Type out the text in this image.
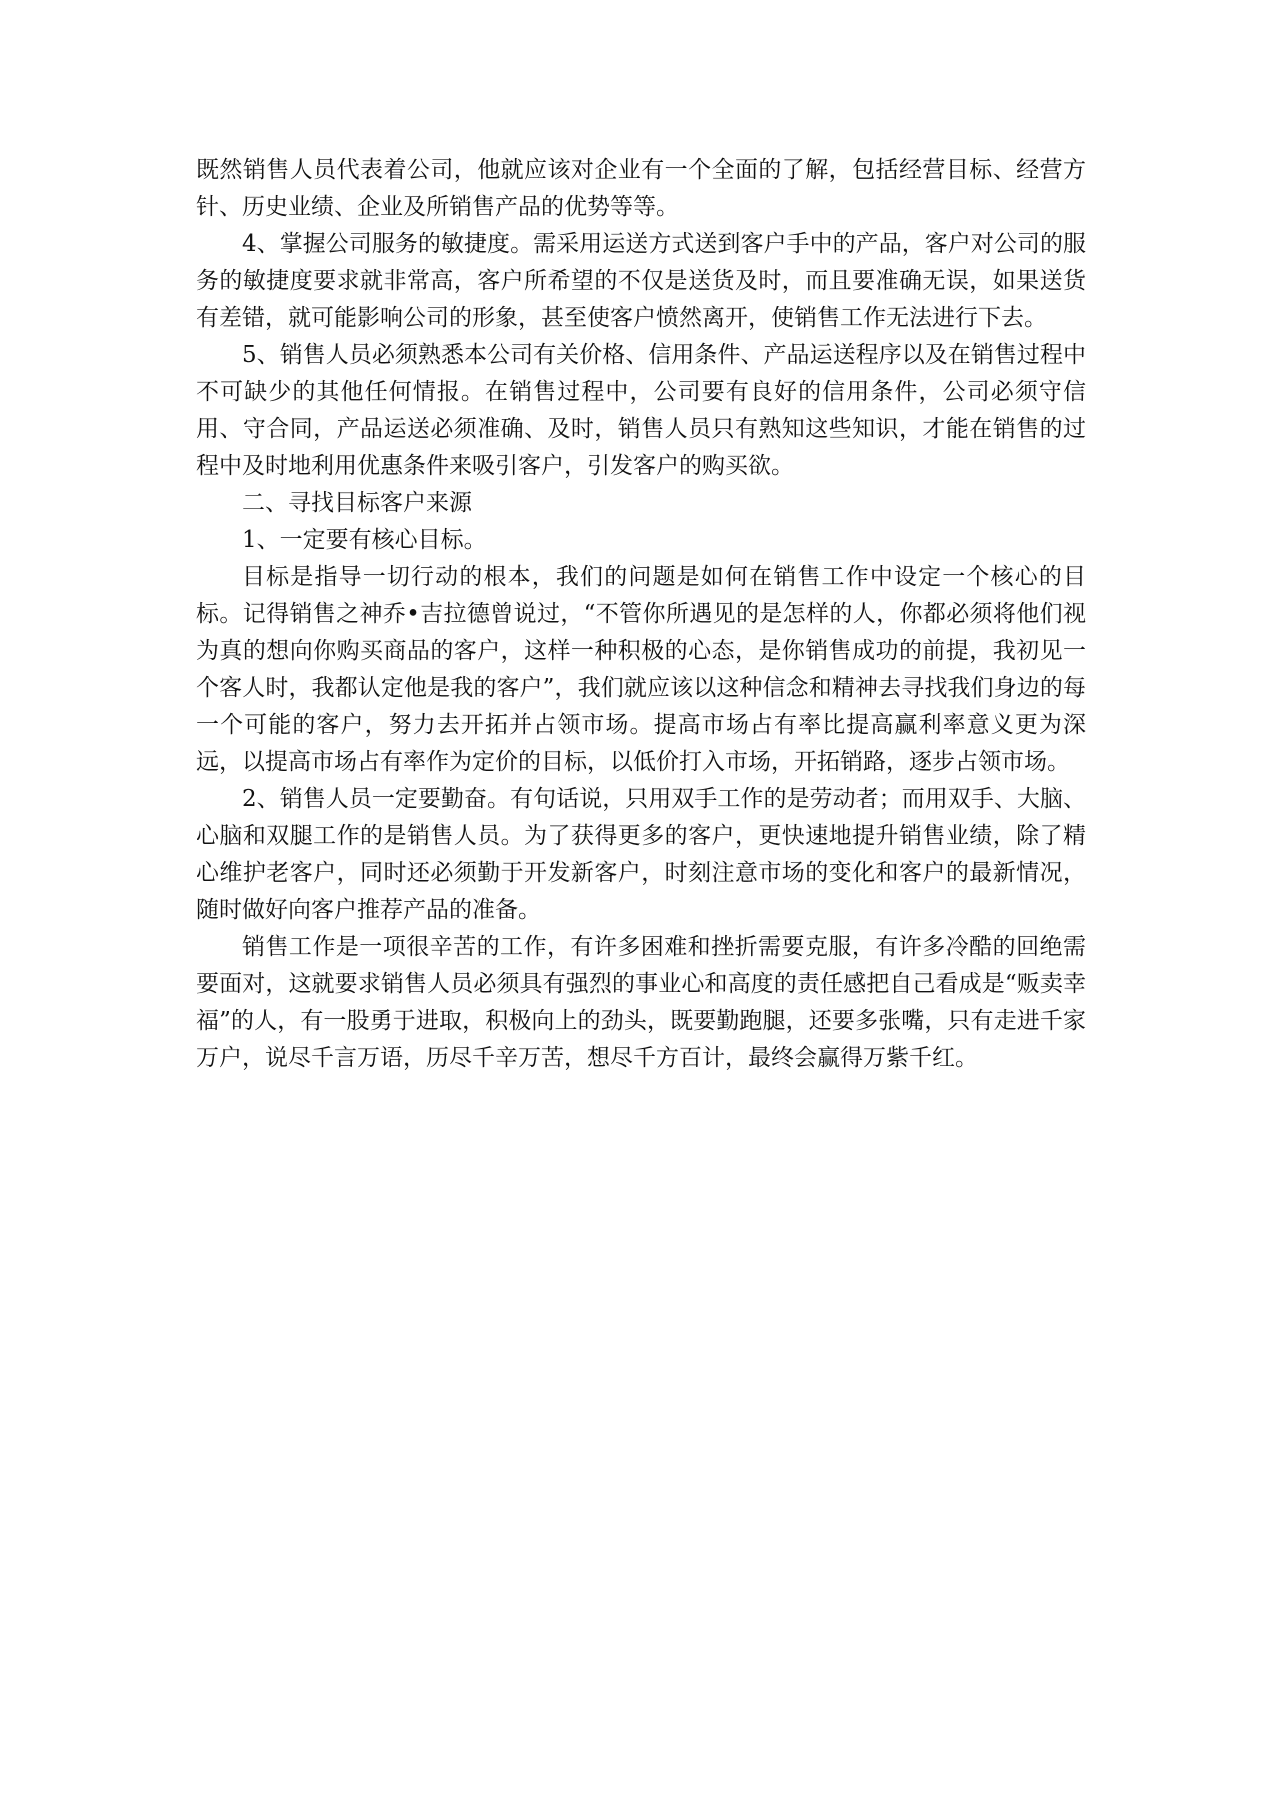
既然销售人员代表着公司，他就应该对企业有一个全面的了解，包括经营目标、经营方针、历史业绩、企业及所销售产品的优势等等。

4、掌握公司服务的敏捷度。需采用运送方式送到客户手中的产品，客户对公司的服务的敏捷度要求就非常高，客户所希望的不仅是送货及时，而且要准确无误，如果送货有差错，就可能影响公司的形象，甚至使客户愤然离开，使销售工作无法进行下去。

5、销售人员必须熟悉本公司有关价格、信用条件、产品运送程序以及在销售过程中不可缺少的其他任何情报。在销售过程中，公司要有良好的信用条件，公司必须守信用、守合同，产品运送必须准确、及时，销售人员只有熟知这些知识，才能在销售的过程中及时地利用优惠条件来吸引客户，引发客户的购买欲。

二、寻找目标客户来源

1、一定要有核心目标。

目标是指导一切行动的根本，我们的问题是如何在销售工作中设定一个核心的目标。记得销售之神乔•吉拉德曾说过，“不管你所遇见的是怎样的人，你都必须将他们视为真的想向你购买商品的客户，这样一种积极的心态，是你销售成功的前提，我初见一个客人时，我都认定他是我的客户”，我们就应该以这种信念和精神去寻找我们身边的每一个可能的客户，努力去开拓并占领市场。提高市场占有率比提高赢利率意义更为深远，以提高市场占有率作为定价的目标，以低价打入市场，开拓销路，逐步占领市场。

2、销售人员一定要勤奋。有句话说，只用双手工作的是劳动者；而用双手、大脑、心脑和双腿工作的是销售人员。为了获得更多的客户，更快速地提升销售业绩，除了精心维护老客户，同时还必须勤于开发新客户，时刻注意市场的变化和客户的最新情况，随时做好向客户推荐产品的准备。

销售工作是一项很辛苦的工作，有许多困难和挫折需要克服，有许多冷酷的回绝需要面对，这就要求销售人员必须具有强烈的事业心和高度的责任感把自己看成是“贩卖幸福”的人，有一股勇于进取，积极向上的劲头，既要勤跑腿，还要多张嘴，只有走进千家万户，说尽千言万语，历尽千辛万苦，想尽千方百计，最终会赢得万紫千红。
